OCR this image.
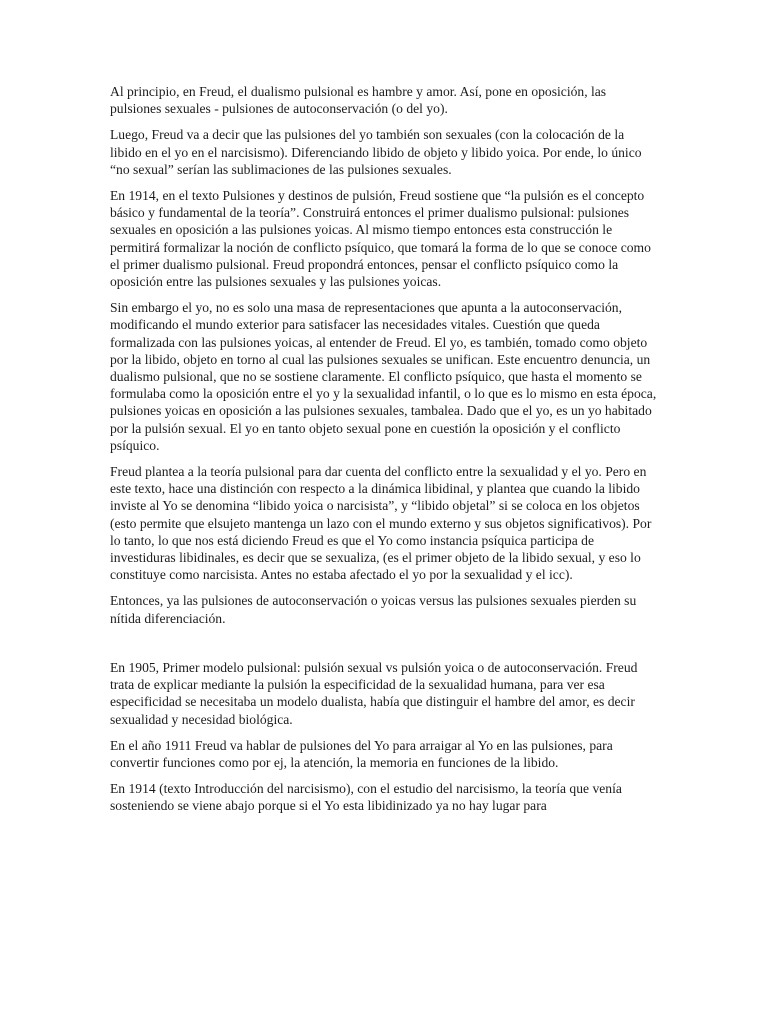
Al principio, en Freud, el dualismo pulsional es hambre y amor. Así, pone en oposición, las pulsiones sexuales - pulsiones de autoconservación (o del yo).

Luego, Freud va a decir que las pulsiones del yo también son sexuales (con la colocación de la libido en el yo en el narcisismo). Diferenciando libido de objeto y libido yoica. Por ende, lo único “no sexual” serían las sublimaciones de las pulsiones sexuales.

En 1914, en el texto Pulsiones y destinos de pulsión, Freud sostiene que “la pulsión es el concepto básico y fundamental de la teoría”. Construirá entonces el primer dualismo pulsional: pulsiones sexuales en oposición a las pulsiones yoicas. Al mismo tiempo entonces esta construcción le permitirá formalizar la noción de conflicto psíquico, que tomará la forma de lo que se conoce como el primer dualismo pulsional. Freud propondrá entonces, pensar el conflicto psíquico como la oposición entre las pulsiones sexuales y las pulsiones yoicas.

Sin embargo el yo, no es solo una masa de representaciones que apunta a la autoconservación, modificando el mundo exterior para satisfacer las necesidades vitales. Cuestión que queda formalizada con las pulsiones yoicas, al entender de Freud. El yo, es también, tomado como objeto por la libido, objeto en torno al cual las pulsiones sexuales se unifican. Este encuentro denuncia, un dualismo pulsional, que no se sostiene claramente. El conflicto psíquico, que hasta el momento se formulaba como la oposición entre el yo y la sexualidad infantil, o lo que es lo mismo en esta época, pulsiones yoicas en oposición a las pulsiones sexuales, tambalea. Dado que el yo, es un yo habitado por la pulsión sexual. El yo en tanto objeto sexual pone en cuestión la oposición y el conflicto psíquico.

Freud plantea a la teoría pulsional para dar cuenta del conflicto entre la sexualidad y el yo. Pero en este texto, hace una distinción con respecto a la dinámica libidinal, y plantea que cuando la libido inviste al Yo se denomina “libido yoica o narcisista”, y “libido objetal” si se coloca en los objetos (esto permite que elsujeto mantenga un lazo con el mundo externo y sus objetos significativos). Por lo tanto, lo que nos está diciendo Freud es que el Yo como instancia psíquica participa de investiduras libidinales, es decir que se sexualiza, (es el primer objeto de la libido sexual, y eso lo constituye como narcisista. Antes no estaba afectado el yo por la sexualidad y el icc).

Entonces, ya las pulsiones de autoconservación o yoicas versus las pulsiones sexuales pierden su nítida diferenciación.

En 1905, Primer modelo pulsional: pulsión sexual vs pulsión yoica o de autoconservación. Freud trata de explicar mediante la pulsión la especificidad de la sexualidad humana, para ver esa especificidad se necesitaba un modelo dualista, había que distinguir el hambre del amor, es decir sexualidad y necesidad biológica.

En el año 1911 Freud va hablar de pulsiones del Yo para arraigar al Yo en las pulsiones, para convertir funciones como por ej, la atención, la memoria en funciones de la libido.

En 1914 (texto Introducción del narcisismo), con el estudio del narcisismo, la teoría que venía sosteniendo se viene abajo porque si el Yo esta libidinizado ya no hay lugar para
